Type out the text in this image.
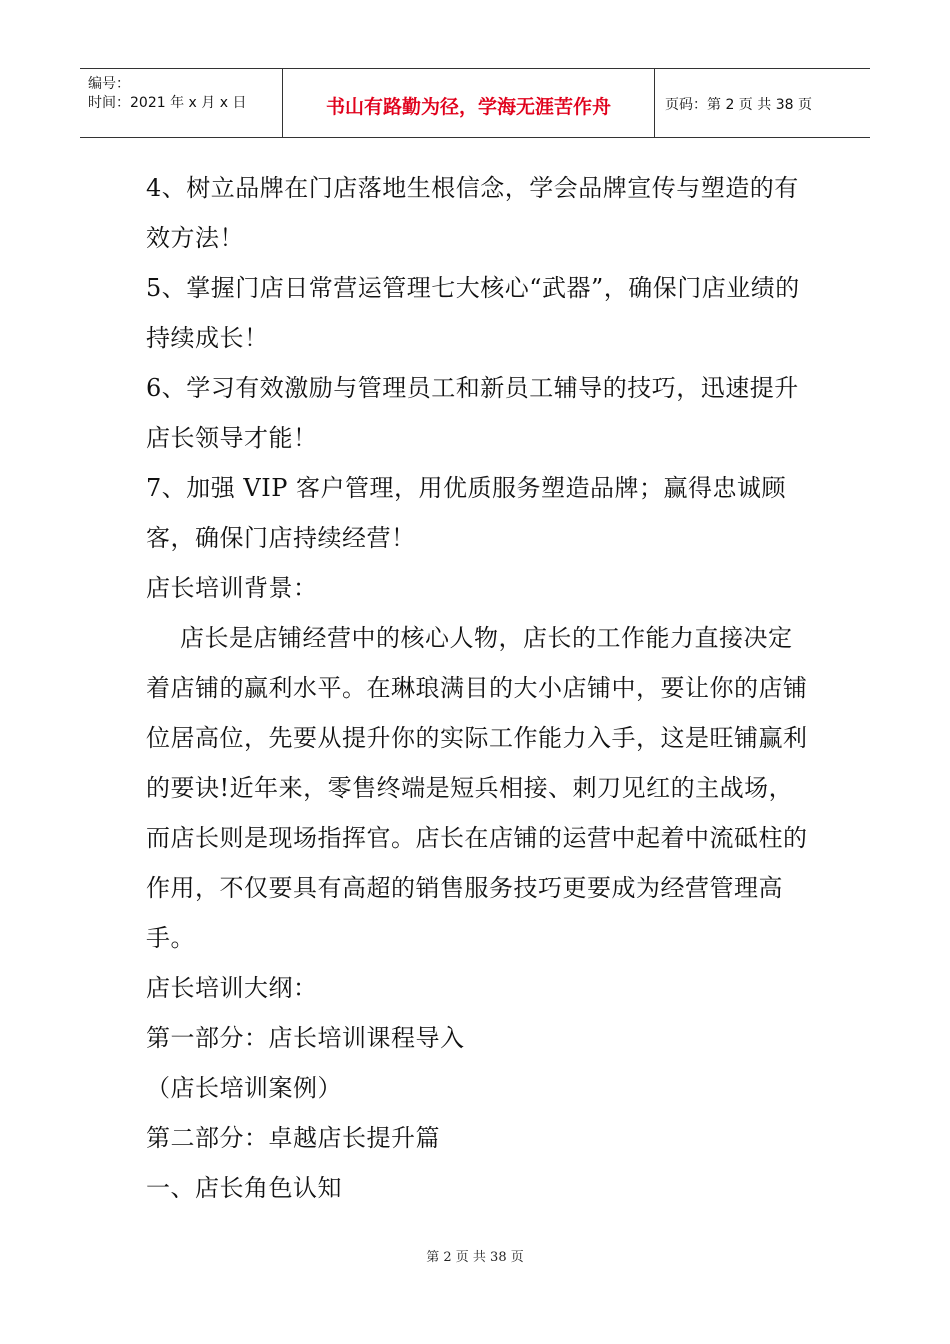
编号：
时间：2021 年 x 月 x 日	书山有路勤为径，学海无涯苦作舟	页码：第 2 页 共 38 页

4、树立品牌在门店落地生根信念，学会品牌宣传与塑造的有效方法！

5、掌握门店日常营运管理七大核心“武器”，确保门店业绩的持续成长！

6、学习有效激励与管理员工和新员工辅导的技巧，迅速提升店长领导才能！

7、加强 VIP 客户管理，用优质服务塑造品牌；赢得忠诚顾客，确保门店持续经营！

店长培训背景：

店长是店铺经营中的核心人物，店长的工作能力直接决定着店铺的赢利水平。在琳琅满目的大小店铺中，要让你的店铺位居高位，先要从提升你的实际工作能力入手，这是旺铺赢利的要诀!近年来，零售终端是短兵相接、刺刀见红的主战场，而店长则是现场指挥官。店长在店铺的运营中起着中流砥柱的作用，不仅要具有高超的销售服务技巧更要成为经营管理高手。

店长培训大纲：

第一部分：店长培训课程导入

（店长培训案例）

第二部分：卓越店长提升篇

一、店长角色认知

第 2 页 共 38 页
